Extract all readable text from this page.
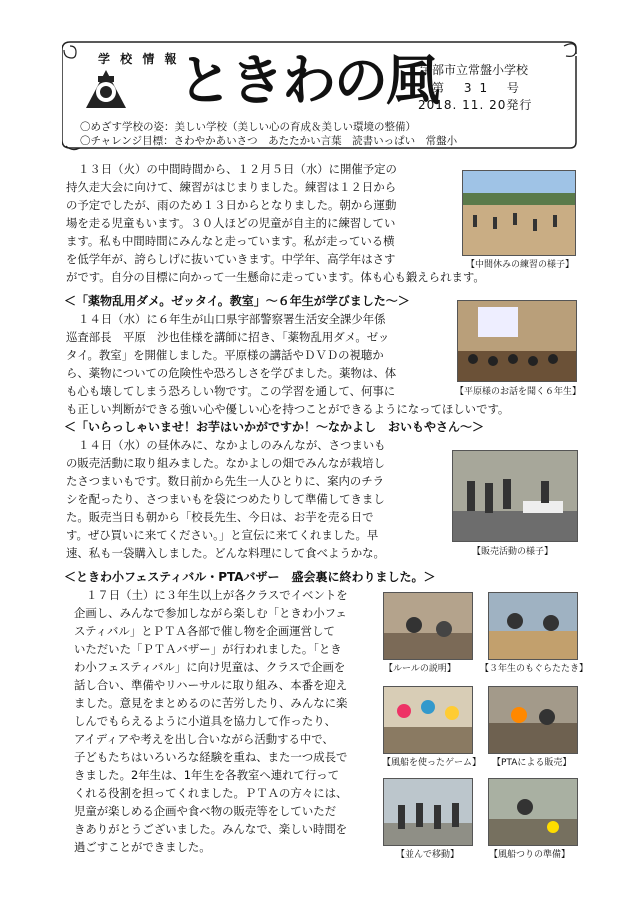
学 校 情 報
ときわの風
宇部市立常盤小学校
第 31 号
2018. 11. 20発行
〇めざす学校の姿：美しい学校（美しい心の育成＆美しい環境の整備）
〇チャレンジ目標：さわやかあいさつ　あたたかい言葉　読書いっぱい　常盤小
１３日（火）の中間時間から、１２月５日（水）に開催予定の
持久走大会に向けて、練習がはじまりました。練習は１２日から
の予定でしたが、雨のため１３日からとなりました。朝から運動
場を走る児童もいます。３０人ほどの児童が自主的に練習してい
ます。私も中間時間にみんなと走っています。私が走っている横
を低学年が、誇らしげに抜いていきます。中学年、高学年はさす
がです。自分の目標に向かって一生懸命に走っています。体も心も鍛えられます。
【中間休みの練習の様子】
＜「薬物乱用ダメ。ゼッタイ。教室」～６年生が学びました～＞
１４日（水）に６年生が山口県宇部警察署生活安全課少年係
巡査部長　平原　沙也佳様を講師に招き、「薬物乱用ダメ。ゼッ
タイ。教室」を開催しました。平原様の講話やＤＶＤの視聴か
ら、薬物についての危険性や恐ろしさを学びました。薬物は、体
も心も壊してしまう恐ろしい物です。この学習を通して、何事に
も正しい判断ができる強い心や優しい心を持つことができるようになってほしいです。
【平原様のお話を聞く６年生】
＜「いらっしゃいませ！お芋はいかがですか！～なかよし　おいもやさん～＞
１４日（水）の昼休みに、なかよしのみんなが、さつまいも
の販売活動に取り組みました。なかよしの畑でみんなが栽培し
たさつまいもです。数日前から先生一人ひとりに、案内のチラ
シを配ったり、さつまいもを袋につめたりして準備してきまし
た。販売当日も朝から「校長先生、今日は、お芋を売る日で
す。ぜひ買いに来てください。」と宣伝に来てくれました。早
速、私も一袋購入しました。どんな料理にして食べようかな。	【販売活動の様子】
＜ときわ小フェスティバル・PTAバザー　盛会裏に終わりました。＞
１７日（土）に３年生以上が各クラスでイベントを
企画し、みんなで参加しながら楽しむ「ときわ小フェ
スティバル」とＰＴＡ各部で催し物を企画運営して
いただいた「ＰＴＡバザー」が行われました。「とき
わ小フェスティバル」に向け児童は、クラスで企画を
話し合い、準備やリハーサルに取り組み、本番を迎え
ました。意見をまとめるのに苦労したり、みんなに楽
しんでもらえるように小道具を協力して作ったり、
アイディアや考えを出し合いながら活動する中で、
子どもたちはいろいろな経験を重ね、また一つ成長で
きました。2年生は、1年生を各教室へ連れて行って
くれる役割を担ってくれました。ＰＴＡの方々には、
児童が楽しめる企画や食べ物の販売等をしていただ
きありがとうございました。みんなで、楽しい時間を
過ごすことができました。
【ルールの説明】	【３年生のもぐらたたき】
【風船を使ったゲーム】 【PTAによる販売】
【並んで移動】	【風船つりの準備】
